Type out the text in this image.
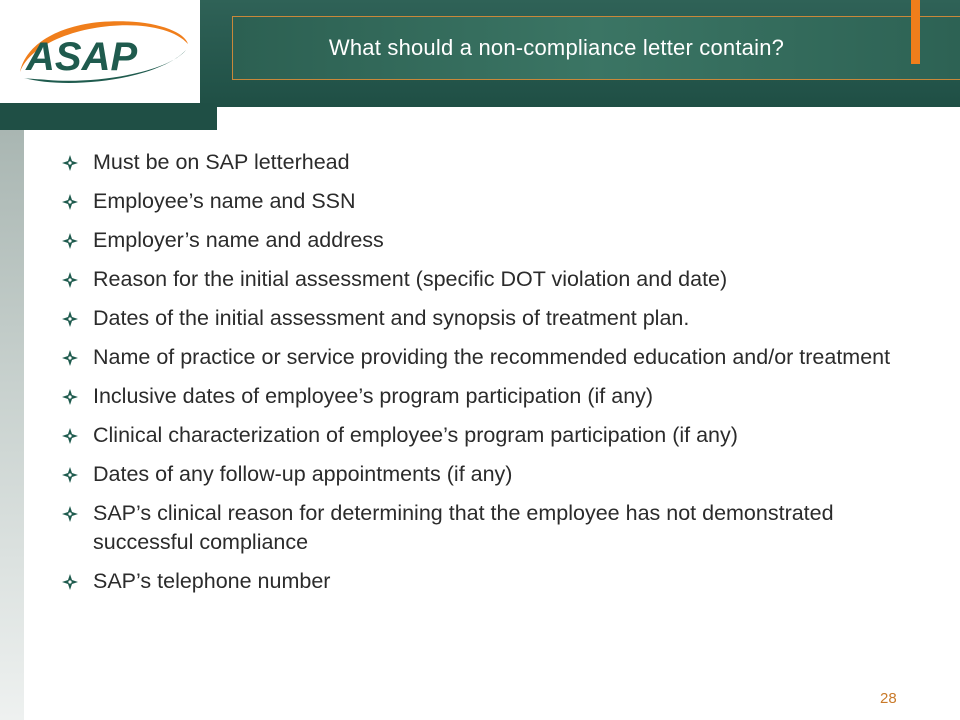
What should a non-compliance letter contain?
ASAP
Must be on SAP letterhead
Employee’s name and SSN
Employer’s name and address
Reason for the initial assessment (specific DOT violation and date)
Dates of the initial assessment and synopsis of treatment plan.
Name of practice or service providing the recommended education and/or treatment
Inclusive dates of employee’s program participation (if any)
Clinical characterization of employee’s program participation (if any)
Dates of any follow-up appointments (if any)
SAP’s clinical reason for determining that the employee has not demonstrated successful compliance
SAP’s telephone number
28
